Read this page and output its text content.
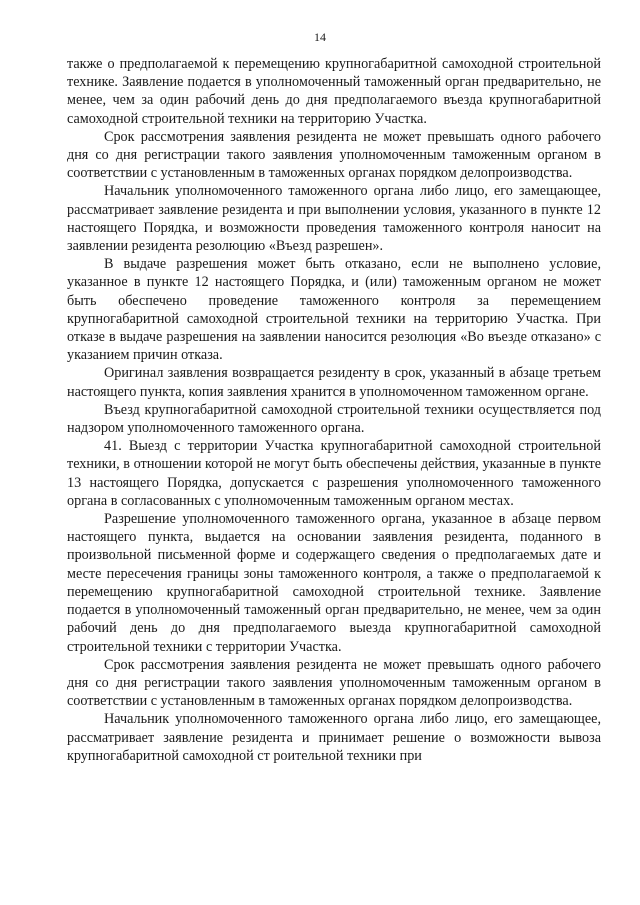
14

также о предполагаемой к перемещению крупногабаритной самоходной строительной технике. Заявление подается в уполномоченный таможенный орган предварительно, не менее, чем за один рабочий день до дня предполагаемого въезда крупногабаритной самоходной строительной техники на территорию Участка.

Срок рассмотрения заявления резидента не может превышать одного рабочего дня со дня регистрации такого заявления уполномоченным таможенным органом в соответствии с установленным в таможенных органах порядком делопроизводства.

Начальник уполномоченного таможенного органа либо лицо, его замещающее, рассматривает заявление резидента и при выполнении условия, указанного в пункте 12 настоящего Порядка, и возможности проведения таможенного контроля наносит на заявлении резидента резолюцию «Въезд разрешен».

В выдаче разрешения может быть отказано, если не выполнено условие, указанное в пункте 12 настоящего Порядка, и (или) таможенным органом не может быть обеспечено проведение таможенного контроля за перемещением крупногабаритной самоходной строительной техники на территорию Участка. При отказе в выдаче разрешения на заявлении наносится резолюция «Во въезде отказано» с указанием причин отказа.

Оригинал заявления возвращается резиденту в срок, указанный в абзаце третьем настоящего пункта, копия заявления хранится в уполномоченном таможенном органе.

Въезд крупногабаритной самоходной строительной техники осуществляется под надзором уполномоченного таможенного органа.

41. Выезд с территории Участка крупногабаритной самоходной строительной техники, в отношении которой не могут быть обеспечены действия, указанные в пункте 13 настоящего Порядка, допускается с разрешения уполномоченного таможенного органа в согласованных с уполномоченным таможенным органом местах.

Разрешение уполномоченного таможенного органа, указанное в абзаце первом настоящего пункта, выдается на основании заявления резидента, поданного в произвольной письменной форме и содержащего сведения о предполагаемых дате и месте пересечения границы зоны таможенного контроля, а также о предполагаемой к перемещению крупногабаритной самоходной строительной технике. Заявление подается в уполномоченный таможенный орган предварительно, не менее, чем за один рабочий день до дня предполагаемого выезда крупногабаритной самоходной строительной техники с территории Участка.

Срок рассмотрения заявления резидента не может превышать одного рабочего дня со дня регистрации такого заявления уполномоченным таможенным органом в соответствии с установленным в таможенных органах порядком делопроизводства.

Начальник уполномоченного таможенного органа либо лицо, его замещающее, рассматривает заявление резидента и принимает решение о возможности вывоза крупногабаритной самоходной ст роительной техники при
